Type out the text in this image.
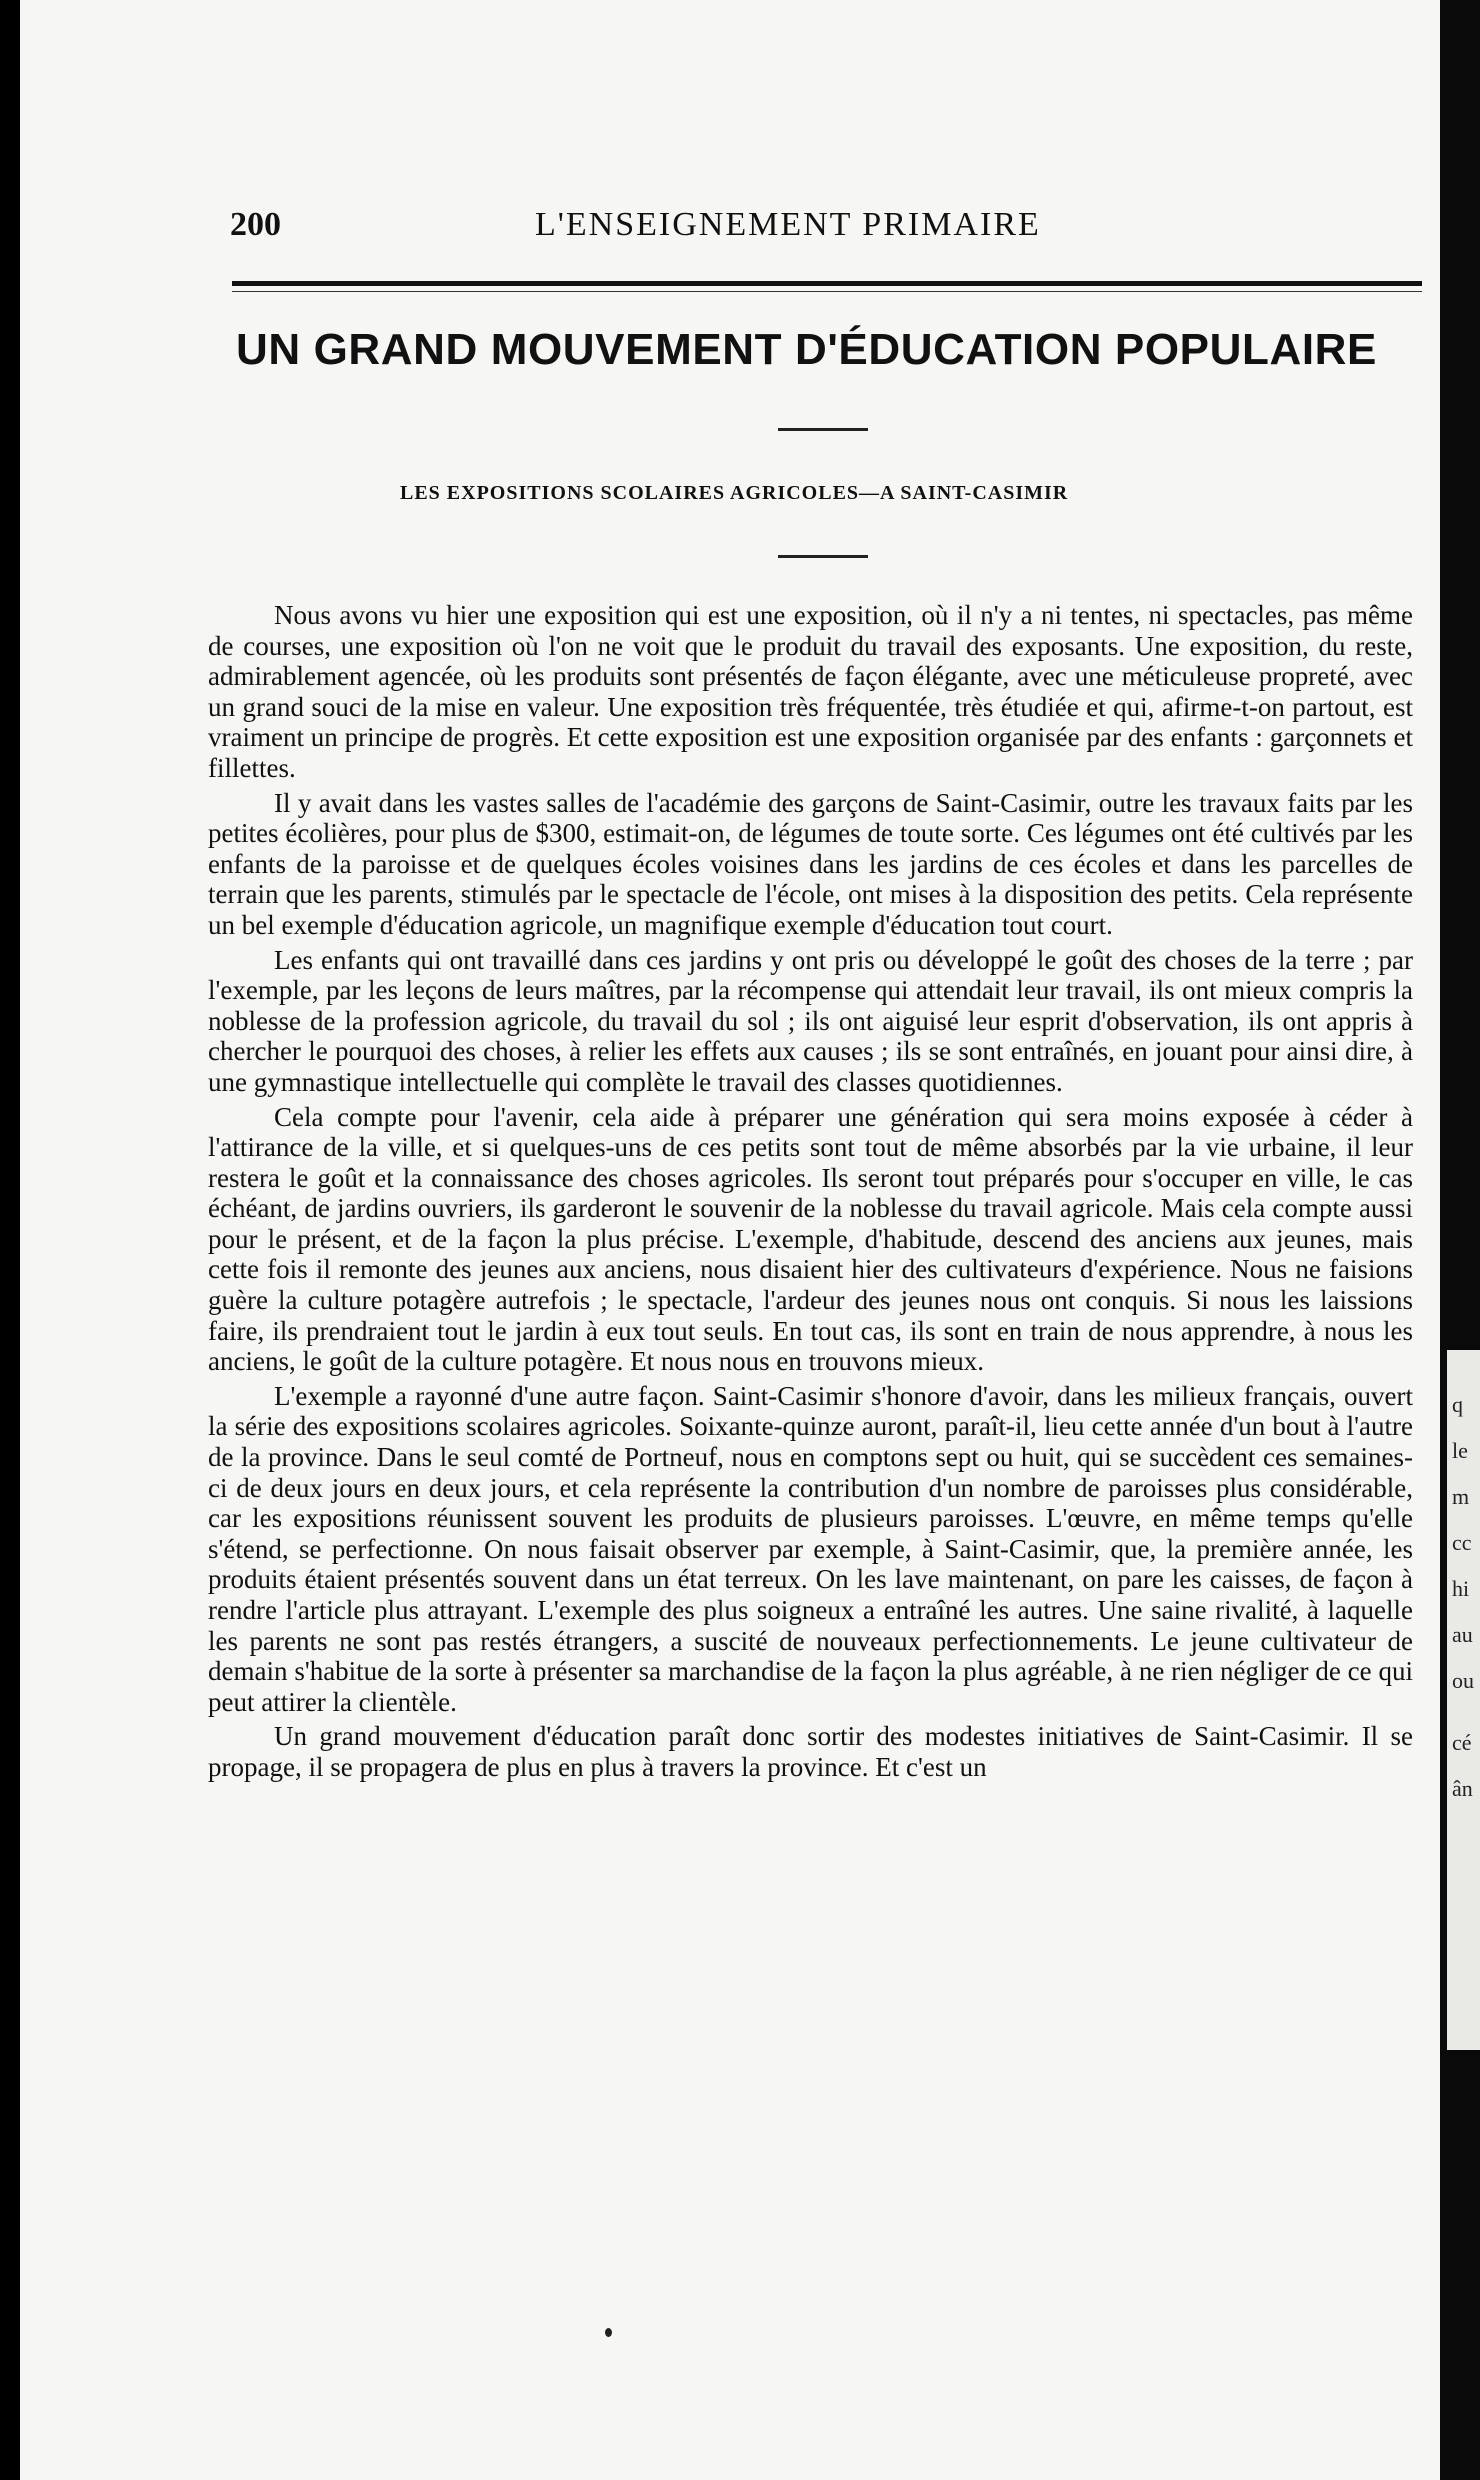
q
le
m
cc
hi
au
ou
cé
ân
200	L'ENSEIGNEMENT PRIMAIRE
UN GRAND MOUVEMENT D'ÉDUCATION POPULAIRE
LES EXPOSITIONS SCOLAIRES AGRICOLES—A SAINT-CASIMIR

Nous avons vu hier une exposition qui est une exposition, où il n'y a ni tentes, ni spectacles, pas même de courses, une exposition où l'on ne voit que le produit du travail des exposants. Une exposition, du reste, admirablement agencée, où les produits sont présentés de façon élégante, avec une méticuleuse propreté, avec un grand souci de la mise en valeur. Une exposition très fréquentée, très étudiée et qui, afirme-t-on partout, est vraiment un principe de progrès. Et cette exposition est une exposition organisée par des enfants : garçonnets et fillettes.

Il y avait dans les vastes salles de l'académie des garçons de Saint-Casimir, outre les travaux faits par les petites écolières, pour plus de $300, estimait-on, de légumes de toute sorte. Ces légumes ont été cultivés par les enfants de la paroisse et de quelques écoles voisines dans les jardins de ces écoles et dans les parcelles de terrain que les parents, stimulés par le spectacle de l'école, ont mises à la disposition des petits. Cela représente un bel exemple d'éducation agricole, un magnifique exemple d'éducation tout court.

Les enfants qui ont travaillé dans ces jardins y ont pris ou développé le goût des choses de la terre ; par l'exemple, par les leçons de leurs maîtres, par la récompense qui attendait leur travail, ils ont mieux compris la noblesse de la profession agricole, du travail du sol ; ils ont aiguisé leur esprit d'observation, ils ont appris à chercher le pourquoi des choses, à relier les effets aux causes ; ils se sont entraînés, en jouant pour ainsi dire, à une gymnastique intellectuelle qui complète le travail des classes quotidiennes.

Cela compte pour l'avenir, cela aide à préparer une génération qui sera moins exposée à céder à l'attirance de la ville, et si quelques-uns de ces petits sont tout de même absorbés par la vie urbaine, il leur restera le goût et la connaissance des choses agricoles. Ils seront tout préparés pour s'occuper en ville, le cas échéant, de jardins ouvriers, ils garderont le souvenir de la noblesse du travail agricole. Mais cela compte aussi pour le présent, et de la façon la plus précise. L'exemple, d'habitude, descend des anciens aux jeunes, mais cette fois il remonte des jeunes aux anciens, nous disaient hier des cultivateurs d'expérience. Nous ne faisions guère la culture potagère autrefois ; le spectacle, l'ardeur des jeunes nous ont conquis. Si nous les laissions faire, ils prendraient tout le jardin à eux tout seuls. En tout cas, ils sont en train de nous apprendre, à nous les anciens, le goût de la culture potagère. Et nous nous en trouvons mieux.

L'exemple a rayonné d'une autre façon. Saint-Casimir s'honore d'avoir, dans les milieux français, ouvert la série des expositions scolaires agricoles. Soixante-quinze auront, paraît-il, lieu cette année d'un bout à l'autre de la province. Dans le seul comté de Portneuf, nous en comptons sept ou huit, qui se succèdent ces semaines-ci de deux jours en deux jours, et cela représente la contribution d'un nombre de paroisses plus considérable, car les expositions réunissent souvent les produits de plusieurs paroisses. L'œuvre, en même temps qu'elle s'étend, se perfectionne. On nous faisait observer par exemple, à Saint-Casimir, que, la première année, les produits étaient présentés souvent dans un état terreux. On les lave maintenant, on pare les caisses, de façon à rendre l'article plus attrayant. L'exemple des plus soigneux a entraîné les autres. Une saine rivalité, à laquelle les parents ne sont pas restés étrangers, a suscité de nouveaux perfectionnements. Le jeune cultivateur de demain s'habitue de la sorte à présenter sa marchandise de la façon la plus agréable, à ne rien négliger de ce qui peut attirer la clientèle.

Un grand mouvement d'éducation paraît donc sortir des modestes initiatives de Saint-Casimir. Il se propage, il se propagera de plus en plus à travers la province. Et c'est un
